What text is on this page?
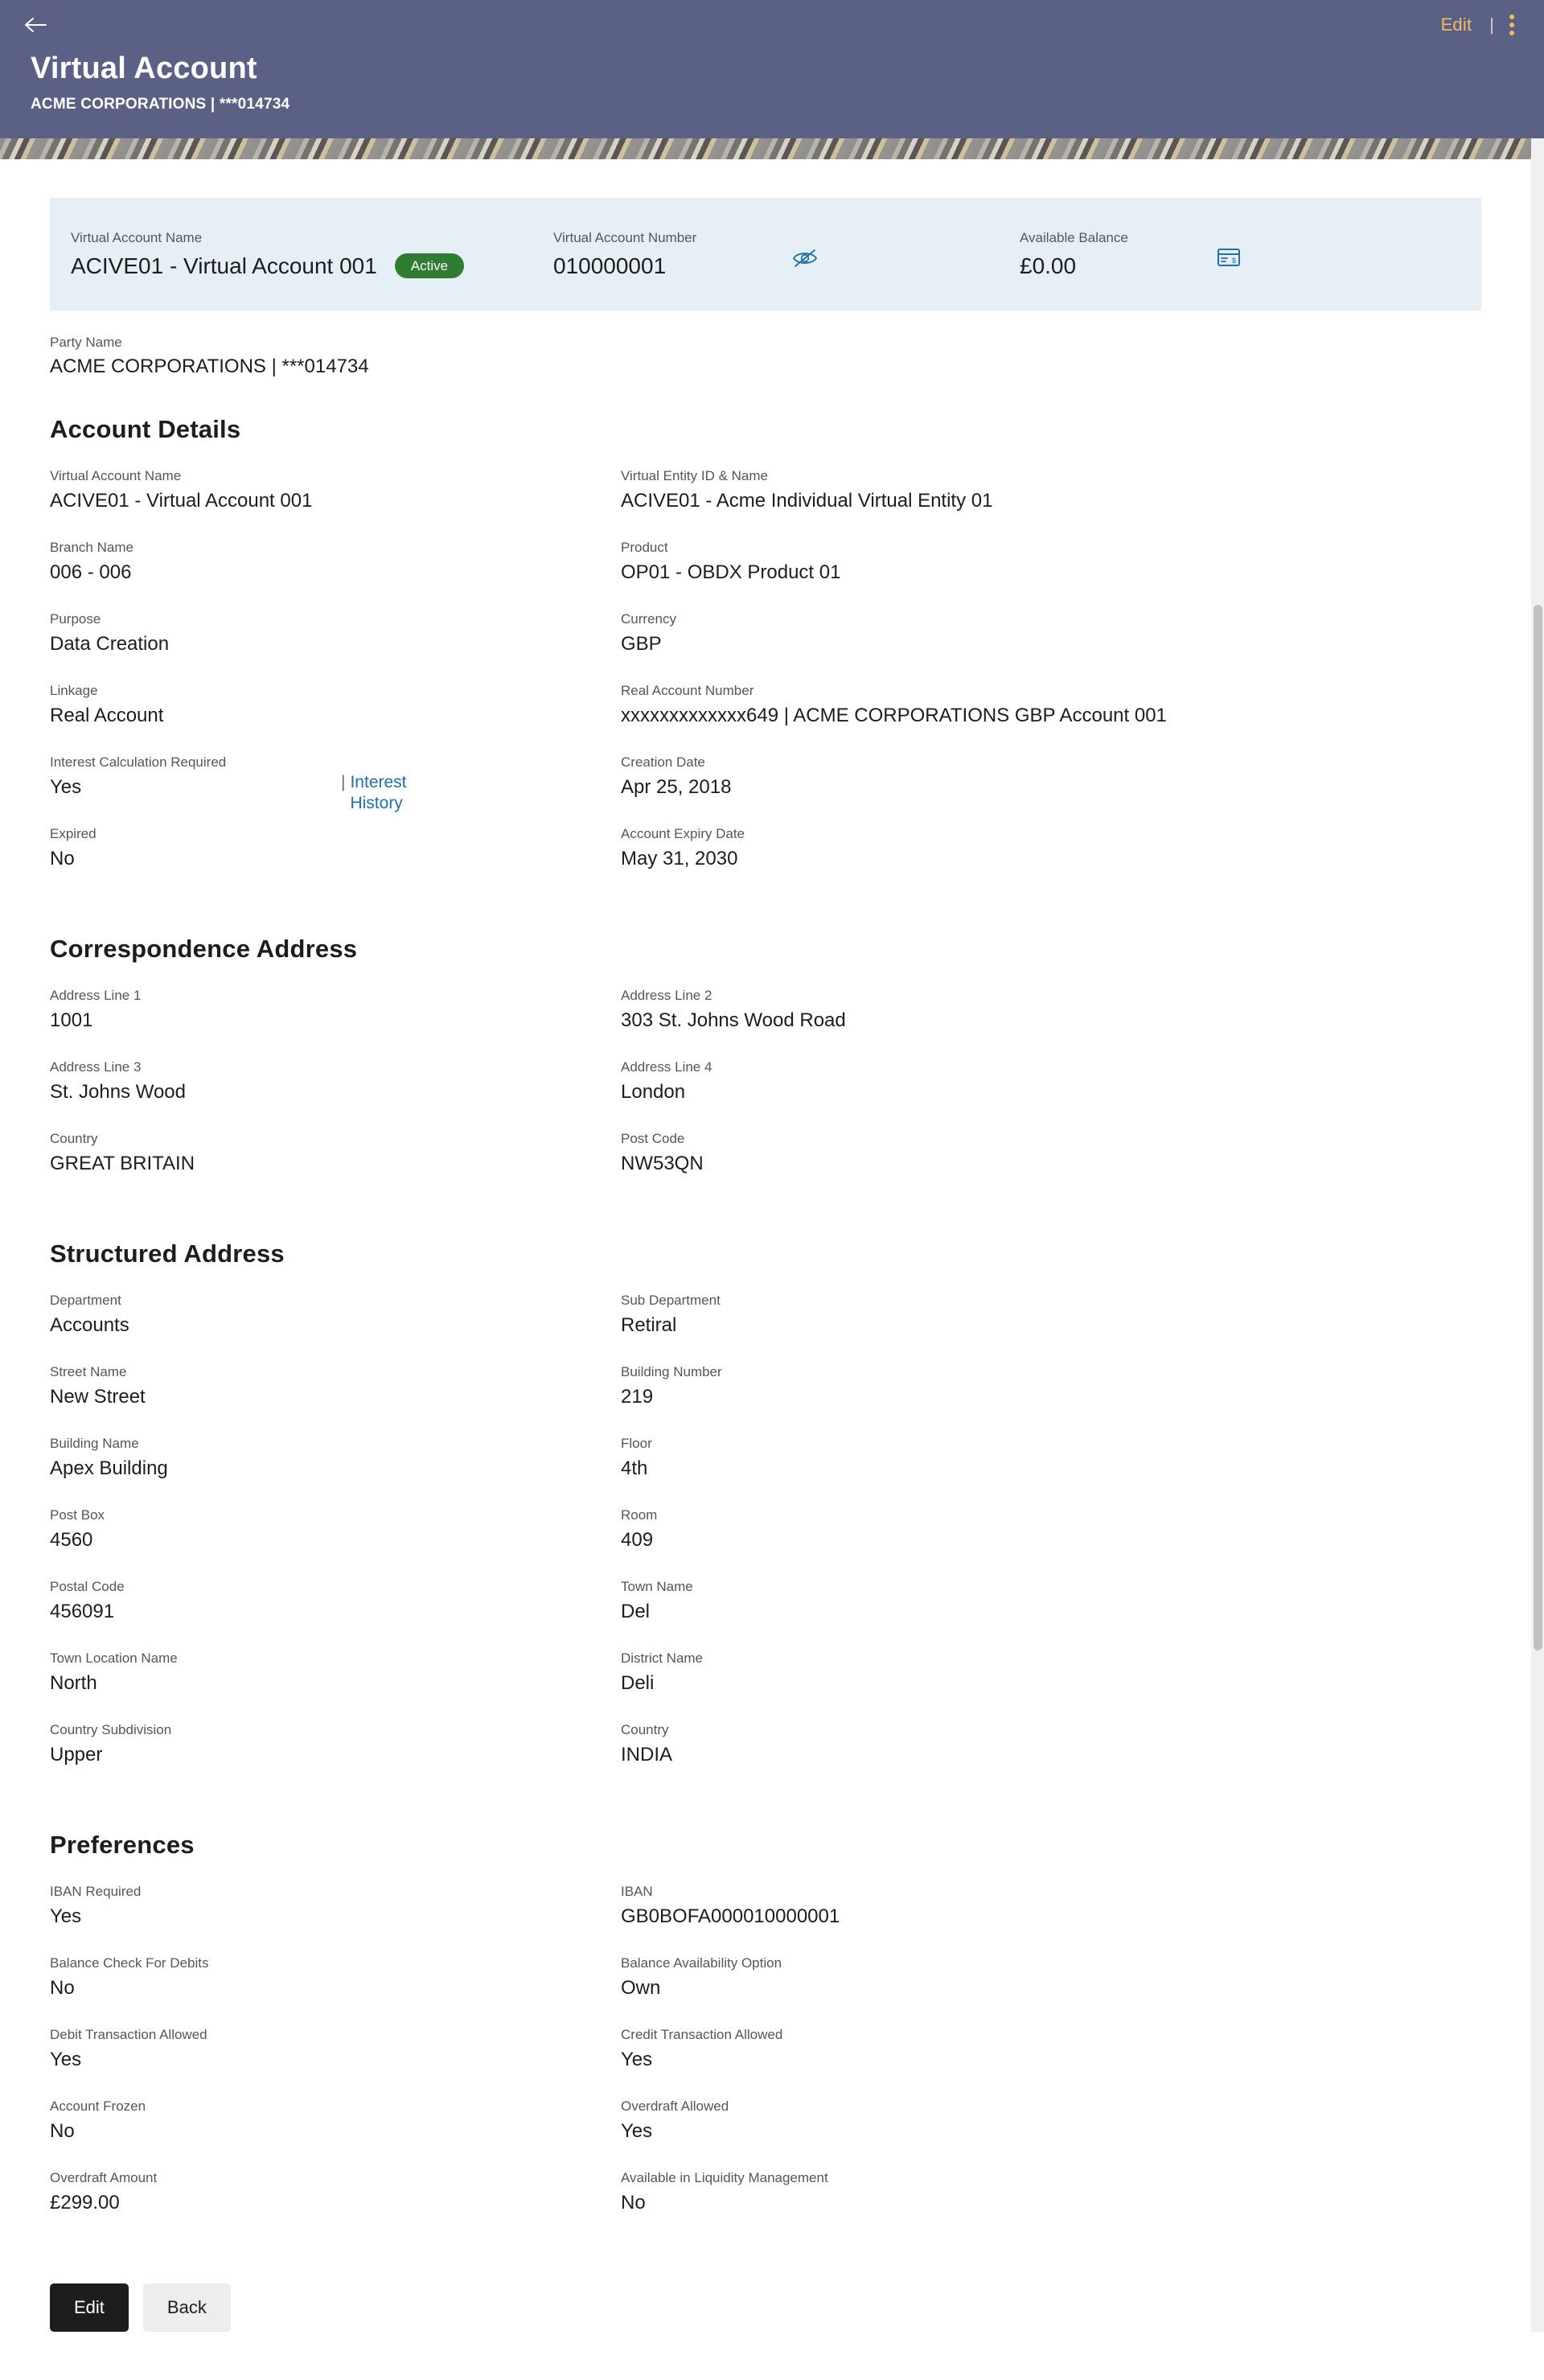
Edit |
Virtual Account
ACME CORPORATIONS | ***014734
Virtual Account Name
ACIVE01 - Virtual Account 001	Active
Virtual Account Number
010000001
Available Balance
£0.00	$
Party Name
ACME CORPORATIONS | ***014734
Account Details
Virtual Account Name
ACIVE01 - Virtual Account 001
Virtual Entity ID & Name
ACIVE01 - Acme Individual Virtual Entity 01
Branch Name
006 - 006
Product
OP01 - OBDX Product 01
Purpose
Data Creation
Currency
GBP
Linkage
Real Account
Real Account Number
xxxxxxxxxxxxx649 | ACME CORPORATIONS GBP Account 001
Interest Calculation Required
Yes	| Interest History
Creation Date
Apr 25, 2018
Expired
No
Account Expiry Date
May 31, 2030
Correspondence Address
Address Line 1
1001
Address Line 2
303 St. Johns Wood Road
Address Line 3
St. Johns Wood
Address Line 4
London
Country
GREAT BRITAIN
Post Code
NW53QN
Structured Address
Department
Accounts
Sub Department
Retiral
Street Name
New Street
Building Number
219
Building Name
Apex Building
Floor
4th
Post Box
4560
Room
409
Postal Code
456091
Town Name
Del
Town Location Name
North
District Name
Deli
Country Subdivision
Upper
Country
INDIA
Preferences
IBAN Required
Yes
IBAN
GB0BOFA000010000001
Balance Check For Debits
No
Balance Availability Option
Own
Debit Transaction Allowed
Yes
Credit Transaction Allowed
Yes
Account Frozen
No
Overdraft Allowed
Yes
Overdraft Amount
£299.00
Available in Liquidity Management
No
Edit	Back
